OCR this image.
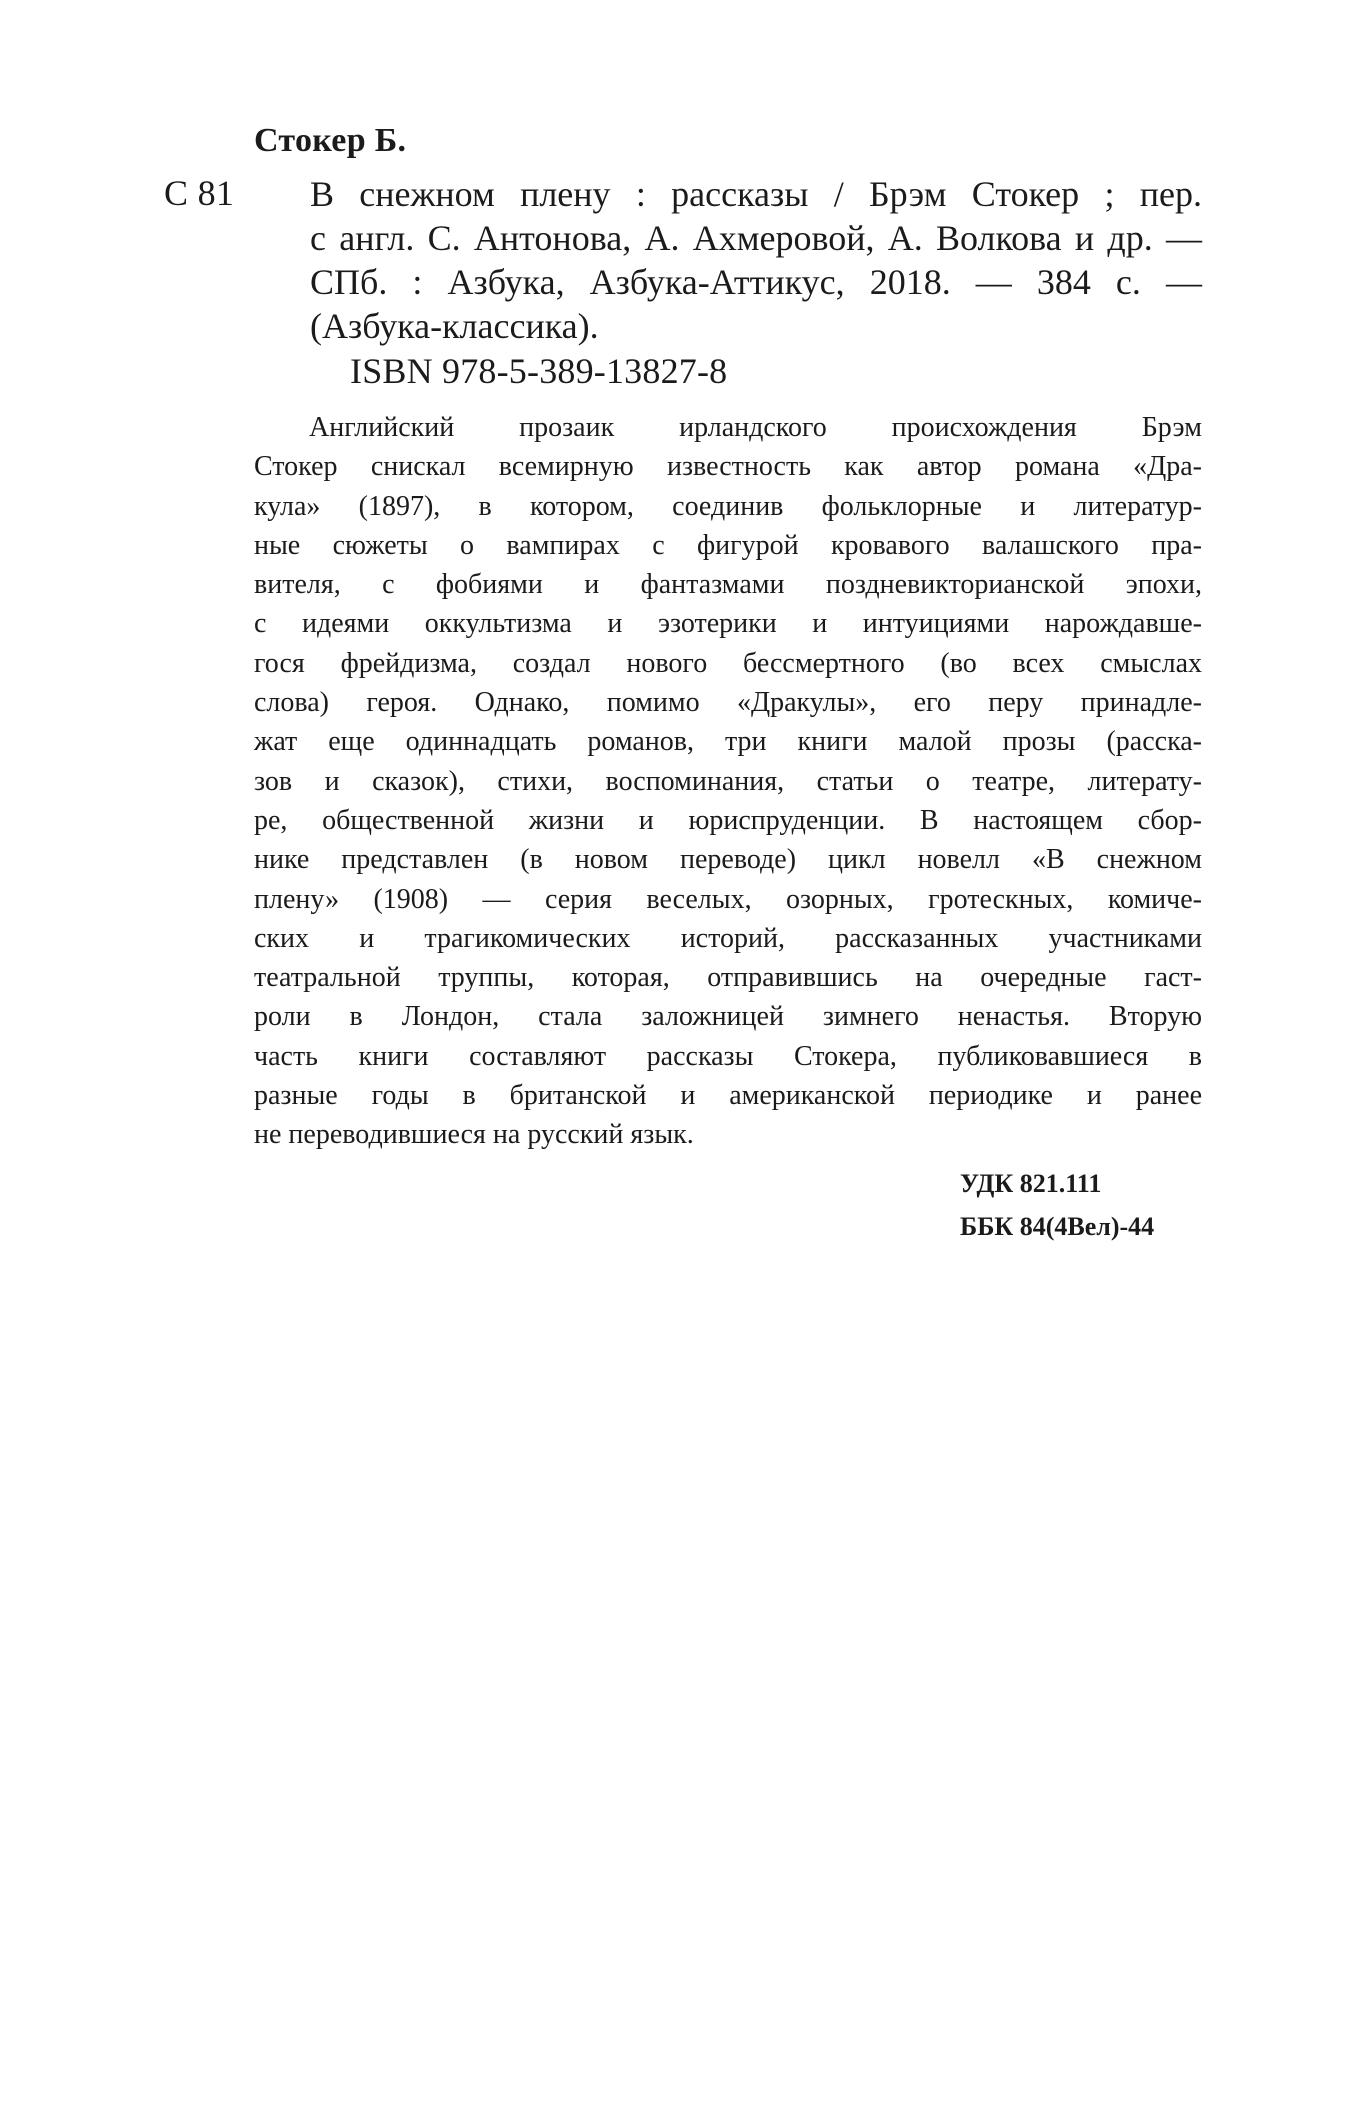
Стокер Б.
С 81 В снежном плену : рассказы / Брэм Стокер ; пер.
с англ. С. Антонова, А. Ахмеровой, А. Волкова и др. —
СПб. : Азбука, Азбука-Аттикус, 2018. — 384 с. —
(Азбука-классика).
ISBN 978-5-389-13827-8
Английский прозаик ирландского происхождения Брэм
Стокер снискал всемирную известность как автор романа «Дра-
кула» (1897), в котором, соединив фольклорные и литератур-
ные сюжеты о вампирах с фигурой кровавого валашского пра-
вителя, с фобиями и фантазмами поздневикторианской эпохи,
с идеями оккультизма и эзотерики и интуициями нарождавше-
гося фрейдизма, создал нового бессмертного (во всех смыслах
слова) героя. Однако, помимо «Дракулы», его перу принадле-
жат еще одиннадцать романов, три книги малой прозы (расска-
зов и сказок), стихи, воспоминания, статьи о театре, литерату-
ре, общественной жизни и юриспруденции. В настоящем сбор-
нике представлен (в новом переводе) цикл новелл «В снежном
плену» (1908) — серия веселых, озорных, гротескных, комиче-
ских и трагикомических историй, рассказанных участниками
театральной труппы, которая, отправившись на очередные гаст-
роли в Лондон, стала заложницей зимнего ненастья. Вторую
часть книги составляют рассказы Стокера, публиковавшиеся в
разные годы в британской и американской периодике и ранее
не переводившиеся на русский язык.
УДК 821.111
ББК 84(4Вел)-44
